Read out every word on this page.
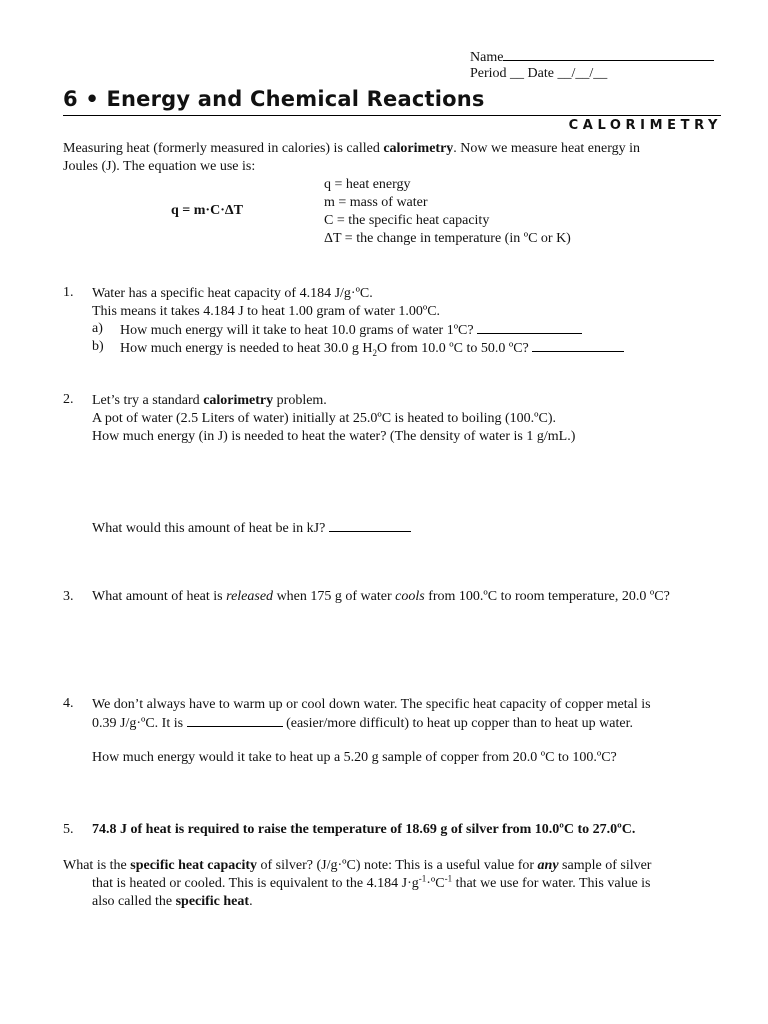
Name
Period __ Date __/__/__
6 • Energy and Chemical Reactions
CALORIMETRY
Measuring heat (formerly measured in calories) is called calorimetry. Now we measure heat energy in
Joules (J). The equation we use is:
q = m·C·ΔT
q = heat energy
m = mass of water
C = the specific heat capacity
ΔT = the change in temperature (in ºC or K)
1. Water has a specific heat capacity of 4.184 J/g·ºC.
This means it takes 4.184 J to heat 1.00 gram of water 1.00ºC.
a) How much energy will it take to heat 10.0 grams of water 1ºC?
b) How much energy is needed to heat 30.0 g $H_2O$ from 10.0 ºC to 50.0 ºC?
2. Let’s try a standard calorimetry problem.
A pot of water (2.5 Liters of water) initially at 25.0ºC is heated to boiling (100.ºC).
How much energy (in J) is needed to heat the water? (The density of water is 1 g/mL.)
What would this amount of heat be in kJ?
3. What amount of heat is released when 175 g of water cools from 100.ºC to room temperature, 20.0 ºC?
4. We don’t always have to warm up or cool down water. The specific heat capacity of copper metal is
0.39 J/g·ºC. It is	(easier/more difficult) to heat up copper than to heat up water.
How much energy would it take to heat up a 5.20 g sample of copper from 20.0 ºC to 100.ºC?
5. 74.8 J of heat is required to raise the temperature of 18.69 g of silver from 10.0ºC to 27.0ºC.
What is the specific heat capacity of silver? (J/g·ºC) note: This is a useful value for any sample of silver
that is heated or cooled. This is equivalent to the 4.184 $J\cdot g^{-1}\cdot ºC^{-1}$ that we use for water. This value is
also called the specific heat.
